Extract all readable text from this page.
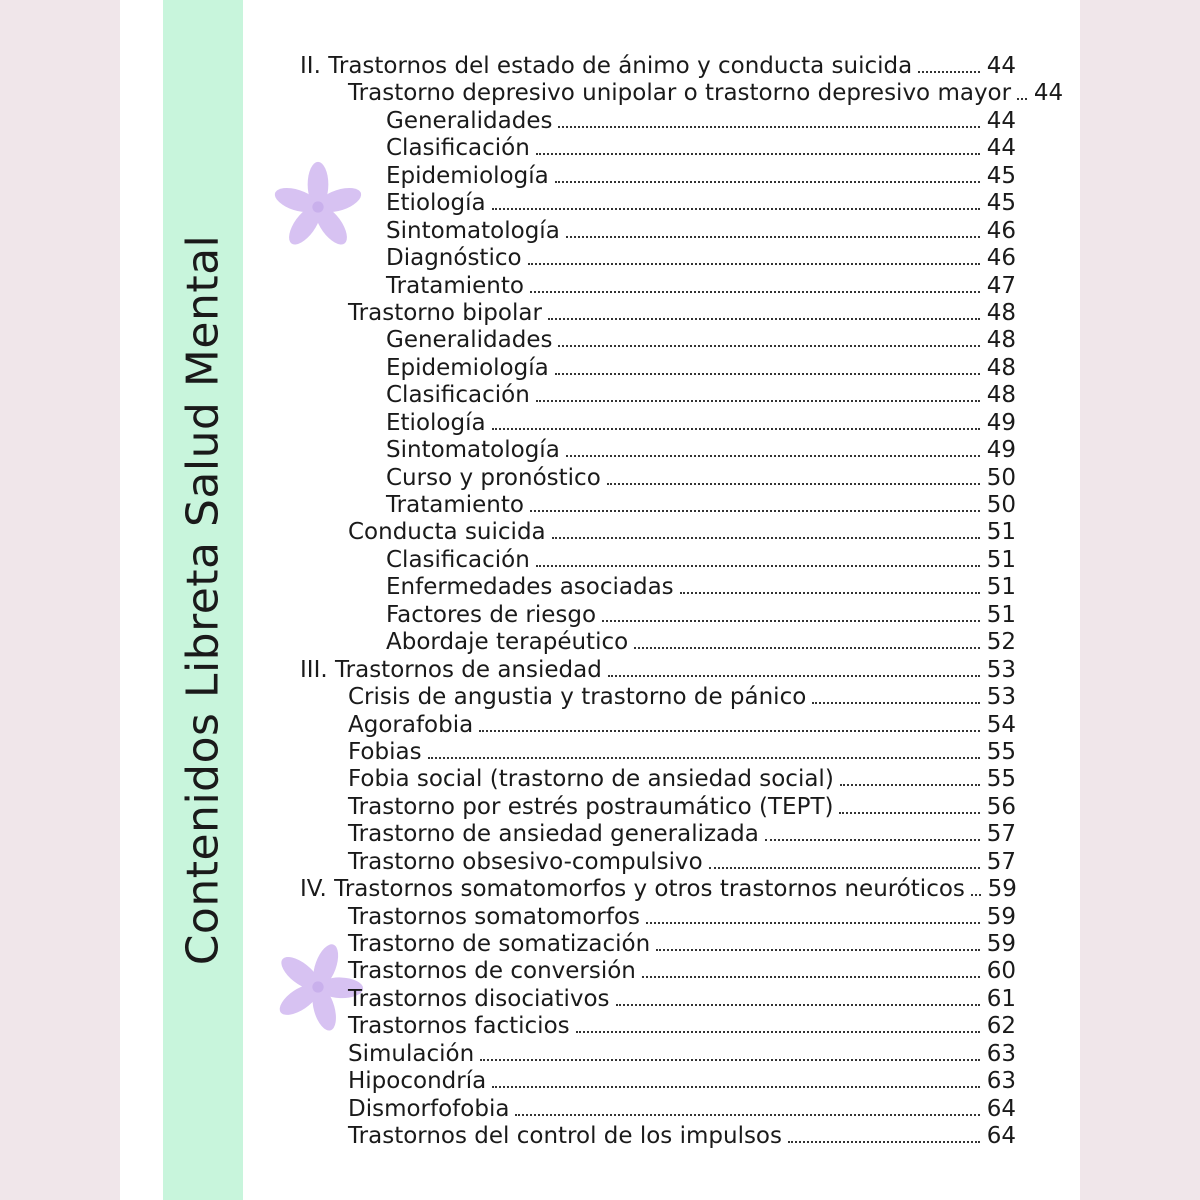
Contenidos Libreta Salud Mental
II. Trastornos del estado de ánimo y conducta suicida	44
Trastorno depresivo unipolar o trastorno depresivo mayor 44
Generalidades	44
Clasificación	44
Epidemiología	45
Etiología	45
Sintomatología	46
Diagnóstico	46
Tratamiento	47
Trastorno bipolar	48
Generalidades	48
Epidemiología	48
Clasificación	48
Etiología	49
Sintomatología	49
Curso y pronóstico	50
Tratamiento	50
Conducta suicida	51
Clasificación	51
Enfermedades asociadas	51
Factores de riesgo	51
Abordaje terapéutico	52
III. Trastornos de ansiedad	53
Crisis de angustia y trastorno de pánico	53
Agorafobia	54
Fobias	55
Fobia social (trastorno de ansiedad social)	55
Trastorno por estrés postraumático (TEPT)	56
Trastorno de ansiedad generalizada	57
Trastorno obsesivo-compulsivo	57
IV. Trastornos somatomorfos y otros trastornos neuróticos 59
Trastornos somatomorfos	59
Trastorno de somatización	59
Trastornos de conversión	60
Trastornos disociativos	61
Trastornos facticios	62
Simulación	63
Hipocondría	63
Dismorfofobia	64
Trastornos del control de los impulsos	64
